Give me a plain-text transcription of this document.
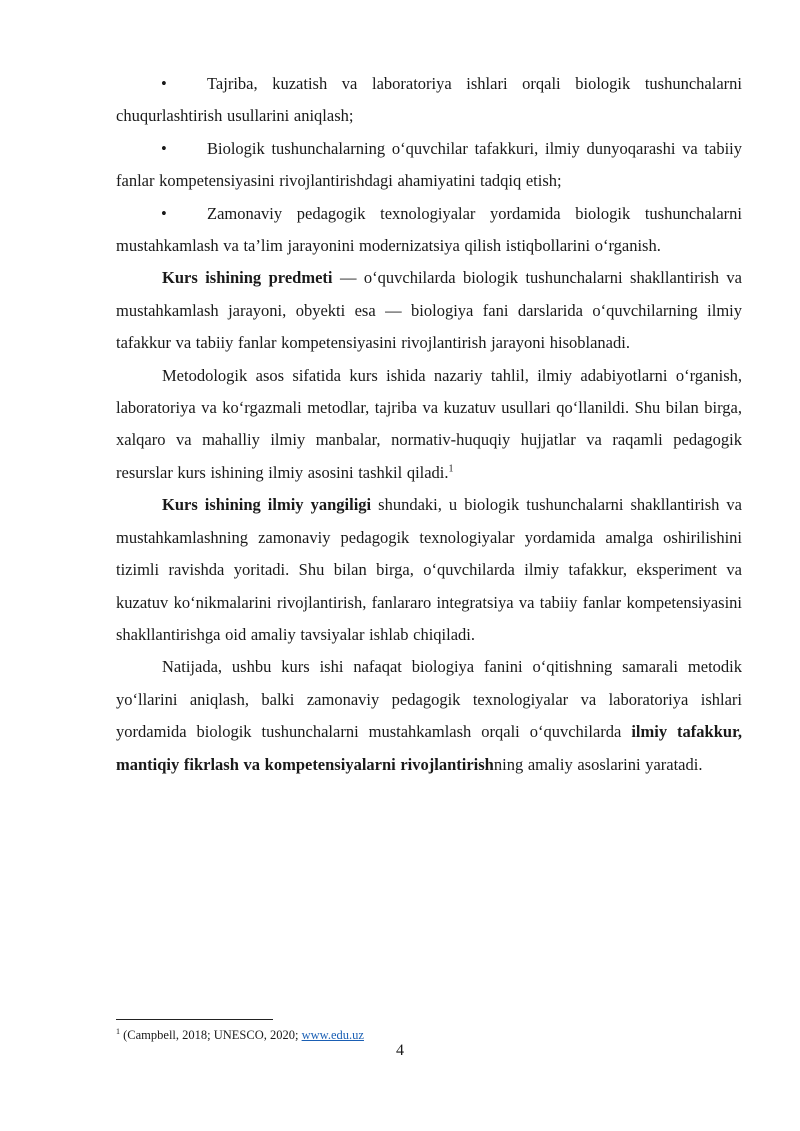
• Tajriba, kuzatish va laboratoriya ishlari orqali biologik tushunchalarni chuqurlashtirish usullarini aniqlash;

• Biologik tushunchalarning o‘quvchilar tafakkuri, ilmiy dunyoqarashi va tabiiy fanlar kompetensiyasini rivojlantirishdagi ahamiyatini tadqiq etish;

• Zamonaviy pedagogik texnologiyalar yordamida biologik tushunchalarni mustahkamlash va ta’lim jarayonini modernizatsiya qilish istiqbollarini o‘rganish.

Kurs ishining predmeti — o‘quvchilarda biologik tushunchalarni shakllantirish va mustahkamlash jarayoni, obyekti esa — biologiya fani darslarida o‘quvchilarning ilmiy tafakkur va tabiiy fanlar kompetensiyasini rivojlantirish jarayoni hisoblanadi.

Metodologik asos sifatida kurs ishida nazariy tahlil, ilmiy adabiyotlarni o‘rganish, laboratoriya va ko‘rgazmali metodlar, tajriba va kuzatuv usullari qo‘llanildi. Shu bilan birga, xalqaro va mahalliy ilmiy manbalar, normativ-huquqiy hujjatlar va raqamli pedagogik resurslar kurs ishining ilmiy asosini tashkil qiladi.$^1$

Kurs ishining ilmiy yangiligi shundaki, u biologik tushunchalarni shakllantirish va mustahkamlashning zamonaviy pedagogik texnologiyalar yordamida amalga oshirilishini tizimli ravishda yoritadi. Shu bilan birga, o‘quvchilarda ilmiy tafakkur, eksperiment va kuzatuv ko‘nikmalarini rivojlantirish, fanlararo integratsiya va tabiiy fanlar kompetensiyasini shakllantirishga oid amaliy tavsiyalar ishlab chiqiladi.

Natijada, ushbu kurs ishi nafaqat biologiya fanini o‘qitishning samarali metodik yo‘llarini aniqlash, balki zamonaviy pedagogik texnologiyalar va laboratoriya ishlari yordamida biologik tushunchalarni mustahkamlash orqali o‘quvchilarda ilmiy tafakkur, mantiqiy fikrlash va kompetensiyalarni rivojlantirishning amaliy asoslarini yaratadi.

$^1$ (Campbell, 2018; UNESCO, 2020; www.edu.uz
4
